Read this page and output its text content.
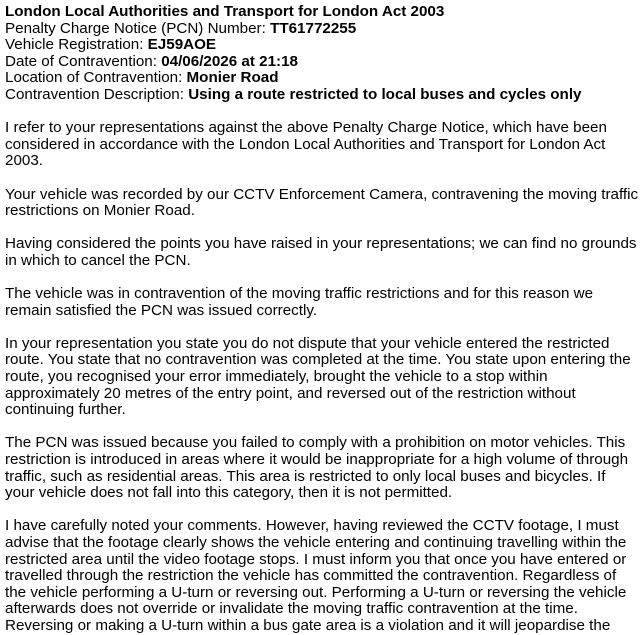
London Local Authorities and Transport for London Act 2003
Penalty Charge Notice (PCN) Number: TT61772255
Vehicle Registration: EJ59AOE
Date of Contravention: 04/06/2026 at 21:18
Location of Contravention: Monier Road
Contravention Description: Using a route restricted to local buses and cycles only

I refer to your representations against the above Penalty Charge Notice, which have been considered in accordance with the London Local Authorities and Transport for London Act 2003.

Your vehicle was recorded by our CCTV Enforcement Camera, contravening the moving traffic restrictions on Monier Road.

Having considered the points you have raised in your representations; we can find no grounds in which to cancel the PCN.

The vehicle was in contravention of the moving traffic restrictions and for this reason we remain satisfied the PCN was issued correctly.

In your representation you state you do not dispute that your vehicle entered the restricted route. You state that no contravention was completed at the time. You state upon entering the route, you recognised your error immediately, brought the vehicle to a stop within approximately 20 metres of the entry point, and reversed out of the restriction without continuing further.

The PCN was issued because you failed to comply with a prohibition on motor vehicles. This restriction is introduced in areas where it would be inappropriate for a high volume of through traffic, such as residential areas. This area is restricted to only local buses and bicycles. If your vehicle does not fall into this category, then it is not permitted.

I have carefully noted your comments. However, having reviewed the CCTV footage, I must advise that the footage clearly shows the vehicle entering and continuing travelling within the restricted area until the video footage stops. I must inform you that once you have entered or travelled through the restriction the vehicle has committed the contravention. Regardless of the vehicle performing a U-turn or reversing out. Performing a U-turn or reversing the vehicle afterwards does not override or invalidate the moving traffic contravention at the time. Reversing or making a U-turn within a bus gate area is a violation and it will jeopardise the
